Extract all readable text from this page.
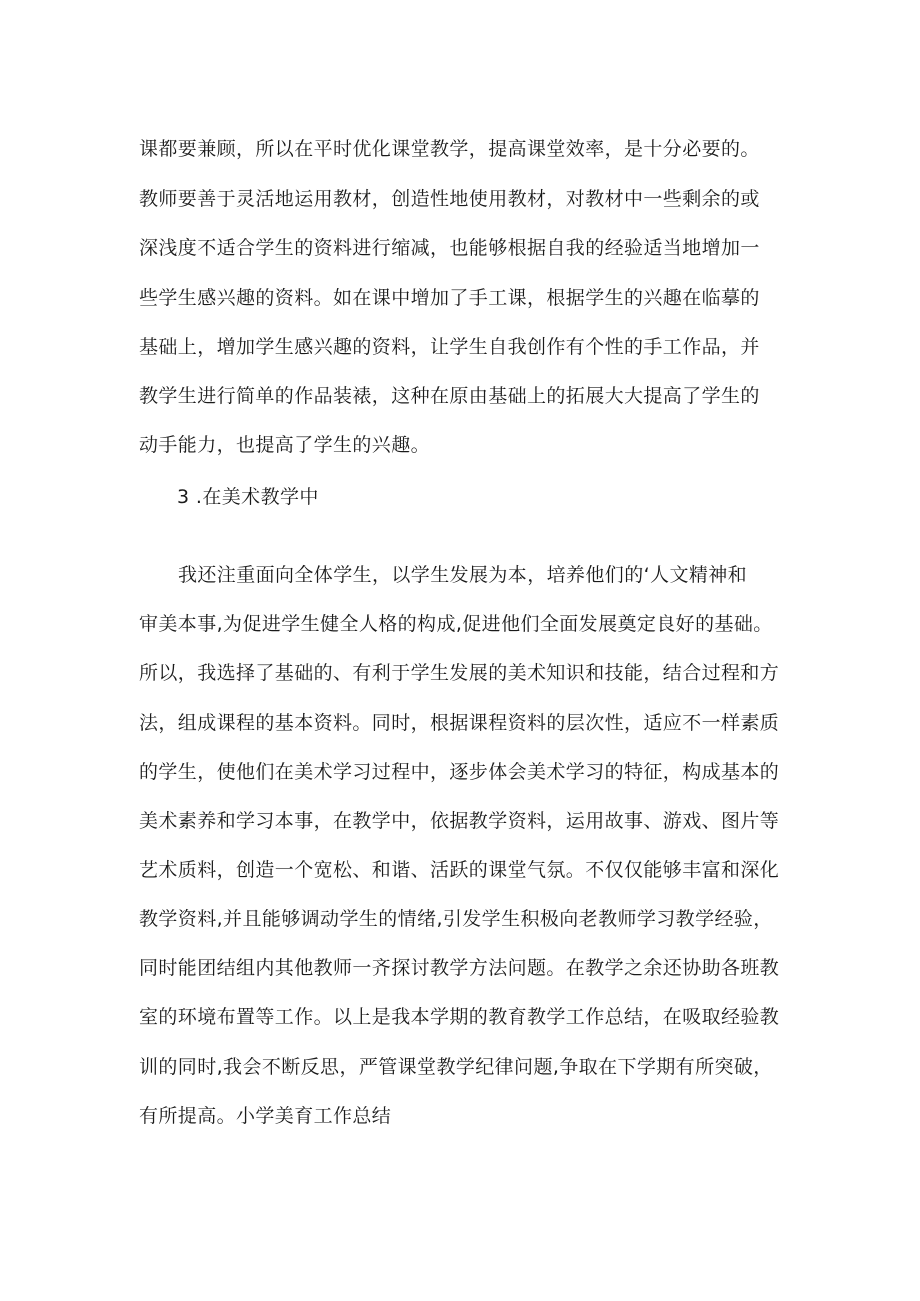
课都要兼顾，所以在平时优化课堂教学，提高课堂效率，是十分必要的。
教师要善于灵活地运用教材，创造性地使用教材，对教材中一些剩余的或
深浅度不适合学生的资料进行缩减，也能够根据自我的经验适当地增加一
些学生感兴趣的资料。如在课中增加了手工课，根据学生的兴趣在临摹的
基础上，增加学生感兴趣的资料，让学生自我创作有个性的手工作品，并
教学生进行简单的作品装裱，这种在原由基础上的拓展大大提高了学生的
动手能力，也提高了学生的兴趣。
3 .在美术教学中
我还注重面向全体学生，以学生发展为本，培养他们的‘人文精神和
审美本事,为促进学生健全人格的构成,促进他们全面发展奠定良好的基础。
所以，我选择了基础的、有利于学生发展的美术知识和技能，结合过程和方
法，组成课程的基本资料。同时，根据课程资料的层次性，适应不一样素质
的学生，使他们在美术学习过程中，逐步体会美术学习的特征，构成基本的
美术素养和学习本事，在教学中，依据教学资料，运用故事、游戏、图片等
艺术质料，创造一个宽松、和谐、活跃的课堂气氛。不仅仅能够丰富和深化
教学资料,并且能够调动学生的情绪,引发学生积极向老教师学习教学经验，
同时能团结组内其他教师一齐探讨教学方法问题。在教学之余还协助各班教
室的环境布置等工作。以上是我本学期的教育教学工作总结，在吸取经验教
训的同时,我会不断反思，严管课堂教学纪律问题,争取在下学期有所突破，
有所提高。小学美育工作总结
